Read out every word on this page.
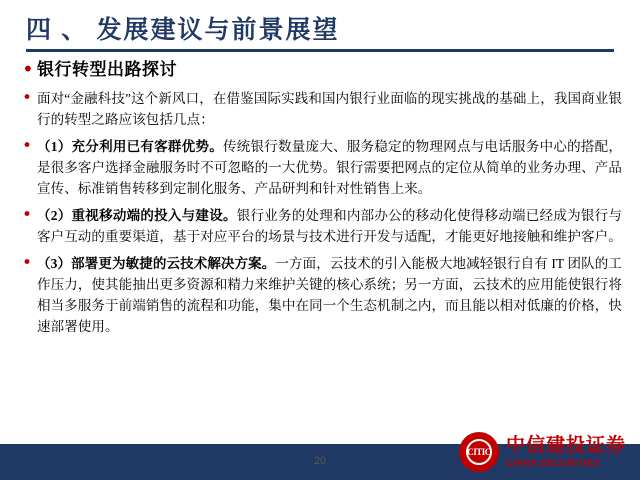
四 、 发展建议与前景展望
• 银行转型出路探讨
• 面对“金融科技”这个新风口，在借鉴国际实践和国内银行业面临的现实挑战的基础上，我国商业银行的转型之路应该包括几点：
• （1）充分利用已有客群优势。传统银行数量庞大、服务稳定的物理网点与电话服务中心的搭配，是很多客户选择金融服务时不可忽略的一大优势。银行需要把网点的定位从简单的业务办理、产品宣传、标准销售转移到定制化服务、产品研判和针对性销售上来。
• （2）重视移动端的投入与建设。银行业务的处理和内部办公的移动化使得移动端已经成为银行与客户互动的重要渠道，基于对应平台的场景与技术进行开发与适配，才能更好地接触和维护客户。
• （3）部署更为敏捷的云技术解决方案。一方面，云技术的引入能极大地减轻银行自有 IT 团队的工作压力，使其能抽出更多资源和精力来维护关键的核心系统；另一方面，云技术的应用能使银行将相当多服务于前端销售的流程和功能，集中在同一个生态机制之内，而且能以相对低廉的价格，快速部署使用。
20
CITIC 中信建投证券
CHINA SECURITIES
